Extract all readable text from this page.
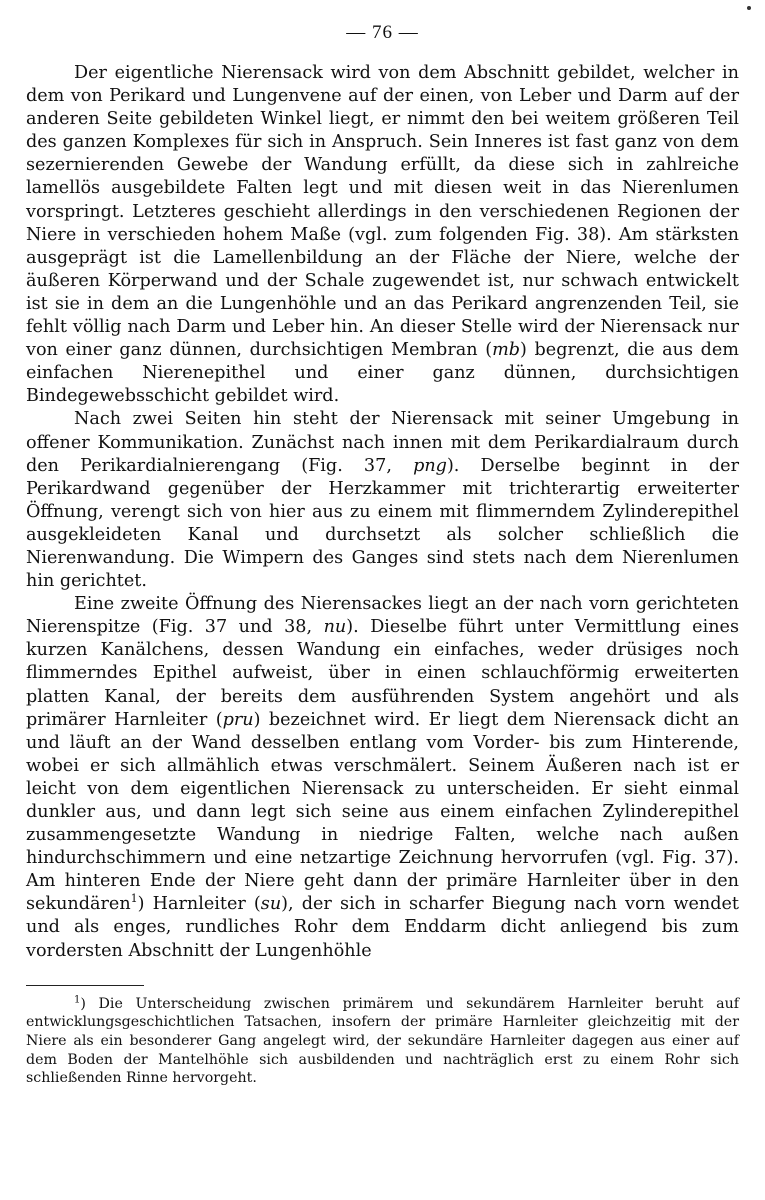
— 76 —

Der eigentliche Nierensack wird von dem Abschnitt gebildet, welcher in dem von Perikard und Lungenvene auf der einen, von Leber und Darm auf der anderen Seite gebildeten Winkel liegt, er nimmt den bei weitem größeren Teil des ganzen Komplexes für sich in Anspruch. Sein Inneres ist fast ganz von dem sezernierenden Gewebe der Wandung erfüllt, da diese sich in zahlreiche lamellös ausgebildete Falten legt und mit diesen weit in das Nierenlumen vorspringt. Letzteres geschieht allerdings in den verschiedenen Regionen der Niere in verschieden hohem Maße (vgl. zum folgenden Fig. 38). Am stärksten ausgeprägt ist die Lamellenbildung an der Fläche der Niere, welche der äußeren Körperwand und der Schale zugewendet ist, nur schwach entwickelt ist sie in dem an die Lungenhöhle und an das Perikard angrenzenden Teil, sie fehlt völlig nach Darm und Leber hin. An dieser Stelle wird der Nierensack nur von einer ganz dünnen, durchsichtigen Membran (mb) begrenzt, die aus dem einfachen Nierenepithel und einer ganz dünnen, durchsichtigen Bindegewebsschicht gebildet wird.

Nach zwei Seiten hin steht der Nierensack mit seiner Umgebung in offener Kommunikation. Zunächst nach innen mit dem Perikardialraum durch den Perikardialnierengang (Fig. 37, png). Derselbe beginnt in der Perikardwand gegenüber der Herzkammer mit trichterartig erweiterter Öffnung, verengt sich von hier aus zu einem mit flimmerndem Zylinderepithel ausgekleideten Kanal und durchsetzt als solcher schließlich die Nierenwandung. Die Wimpern des Ganges sind stets nach dem Nierenlumen hin gerichtet.

Eine zweite Öffnung des Nierensackes liegt an der nach vorn gerichteten Nierenspitze (Fig. 37 und 38, nu). Dieselbe führt unter Vermittlung eines kurzen Kanälchens, dessen Wandung ein einfaches, weder drüsiges noch flimmerndes Epithel aufweist, über in einen schlauchförmig erweiterten platten Kanal, der bereits dem ausführenden System angehört und als primärer Harnleiter (pru) bezeichnet wird. Er liegt dem Nierensack dicht an und läuft an der Wand desselben entlang vom Vorder- bis zum Hinterende, wobei er sich allmählich etwas verschmälert. Seinem Äußeren nach ist er leicht von dem eigentlichen Nierensack zu unterscheiden. Er sieht einmal dunkler aus, und dann legt sich seine aus einem einfachen Zylinderepithel zusammengesetzte Wandung in niedrige Falten, welche nach außen hindurchschimmern und eine netzartige Zeichnung hervorrufen (vgl. Fig. 37). Am hinteren Ende der Niere geht dann der primäre Harnleiter über in den sekundären$^1$) Harnleiter (su), der sich in scharfer Biegung nach vorn wendet und als enges, rundliches Rohr dem Enddarm dicht anliegend bis zum vordersten Abschnitt der Lungenhöhle

$^1$) Die Unterscheidung zwischen primärem und sekundärem Harnleiter beruht auf entwicklungsgeschichtlichen Tatsachen, insofern der primäre Harnleiter gleichzeitig mit der Niere als ein besonderer Gang angelegt wird, der sekundäre Harnleiter dagegen aus einer auf dem Boden der Mantelhöhle sich ausbildenden und nachträglich erst zu einem Rohr sich schließenden Rinne hervorgeht.
